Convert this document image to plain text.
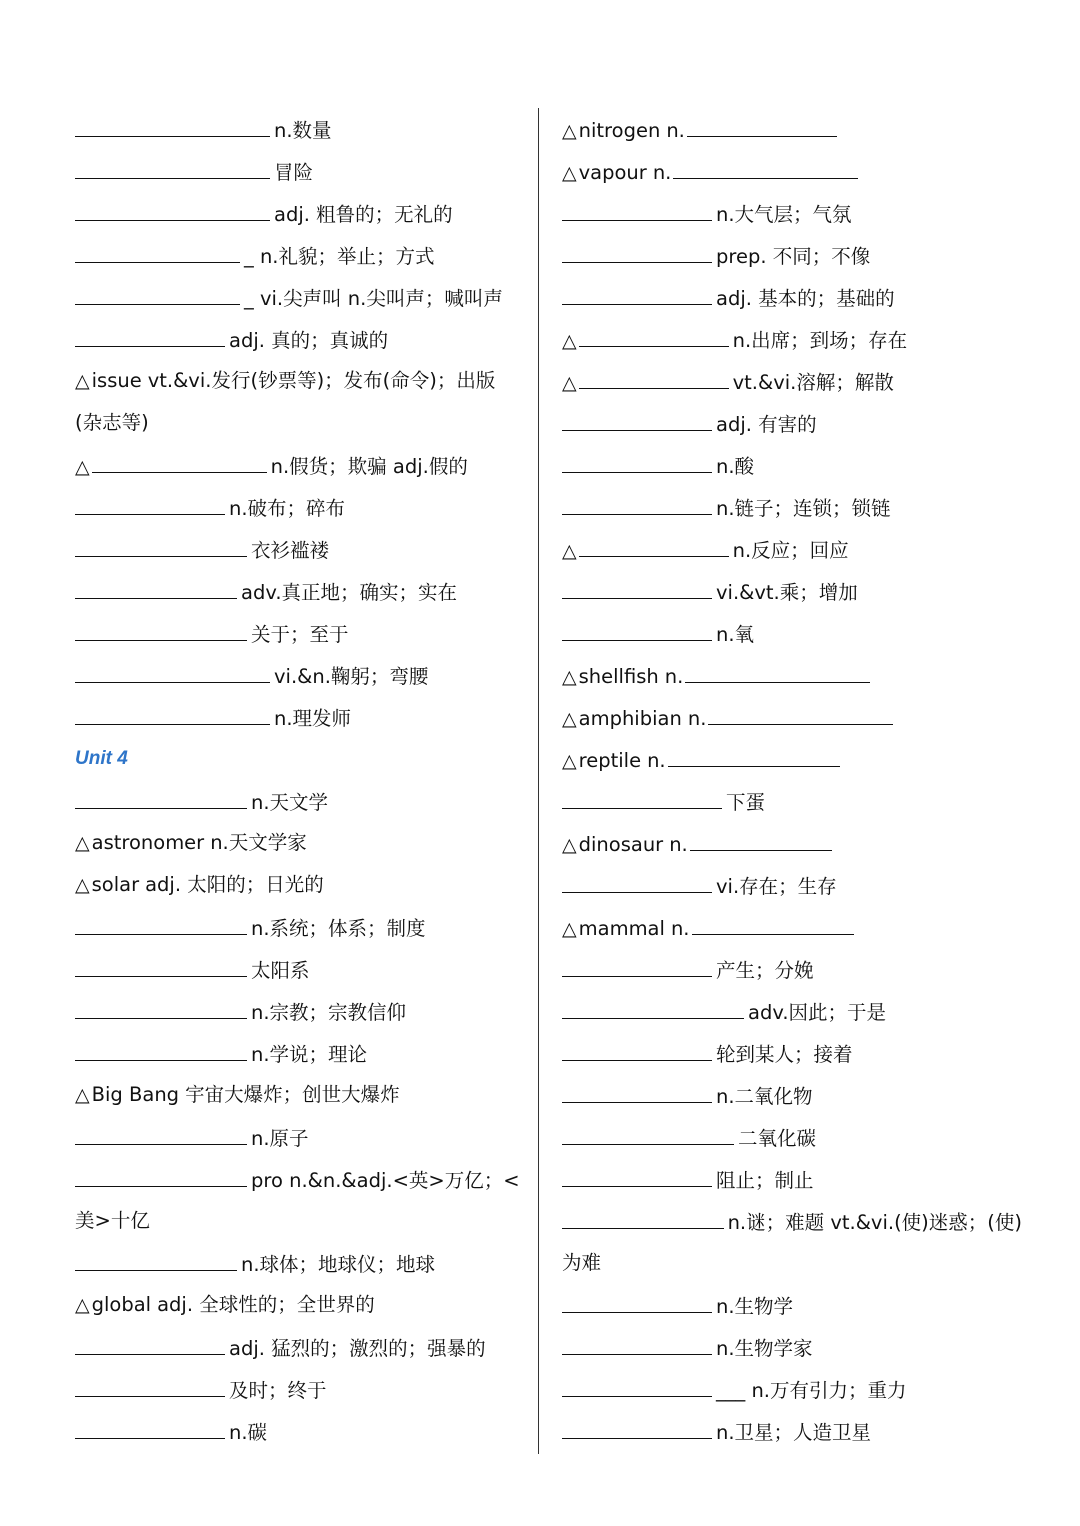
n.数量
冒险
adj. 粗鲁的；无礼的
_ n.礼貌；举止；方式
_ vi.尖声叫 n.尖叫声；喊叫声
adj. 真的；真诚的
△ issue vt.&vi.发行(钞票等)；发布(命令)；出版
(杂志等)
△	n.假货；欺骗 adj.假的
n.破布；碎布
衣衫褴褛
adv.真正地；确实；实在
关于；至于
vi.&n.鞠躬；弯腰
n.理发师
Unit 4
n.天文学
△ astronomer n.天文学家
△ solar adj. 太阳的；日光的
n.系统；体系；制度
太阳系
n.宗教；宗教信仰
n.学说；理论
△ Big Bang 宇宙大爆炸；创世大爆炸
n.原子
pro n.&n.&adj.<英>万亿；<
美>十亿
n.球体；地球仪；地球
△ global adj. 全球性的；全世界的
adj. 猛烈的；激烈的；强暴的
及时；终于
n.碳
△ nitrogen n.
△ vapour n.
n.大气层；气氛
prep. 不同；不像
adj. 基本的；基础的
△	n.出席；到场；存在
△	vt.&vi.溶解；解散
adj. 有害的
n.酸
n.链子；连锁；锁链
△	n.反应；回应
vi.&vt.乘；增加
n.氧
△ shellfish n.
△ amphibian n.
△ reptile n.
下蛋
△ dinosaur n.
vi.存在；生存
△ mammal n.
产生；分娩
adv.因此；于是
轮到某人；接着
n.二氧化物
二氧化碳
阻止；制止
n.谜；难题 vt.&vi.(使)迷惑；(使)
为难
n.生物学
n.生物学家
___ n.万有引力；重力
n.卫星；人造卫星
